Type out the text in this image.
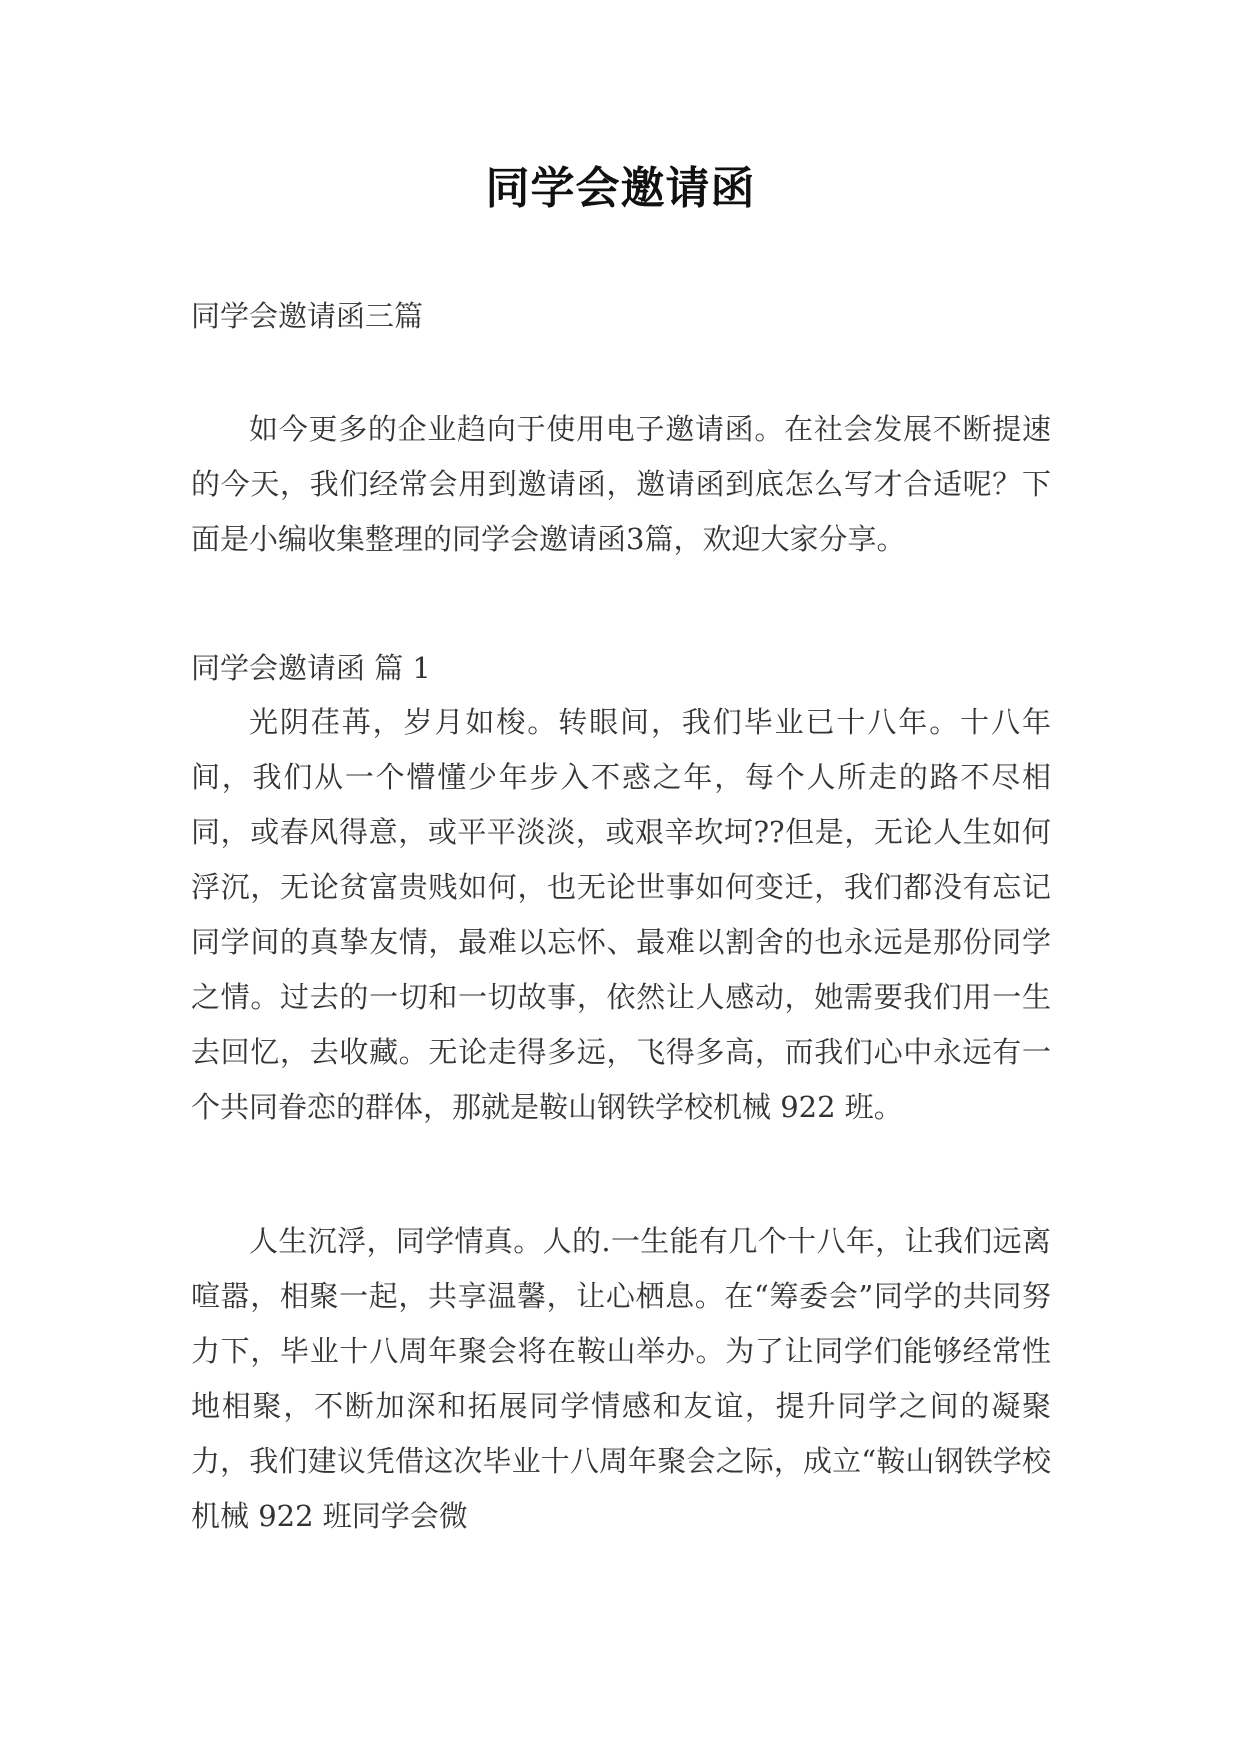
同学会邀请函
同学会邀请函三篇

如今更多的企业趋向于使用电子邀请函。在社会发展不断提速的今天，我们经常会用到邀请函，邀请函到底怎么写才合适呢？下面是小编收集整理的同学会邀请函3篇，欢迎大家分享。

同学会邀请函 篇 1

光阴荏苒，岁月如梭。转眼间，我们毕业已十八年。十八年间，我们从一个懵懂少年步入不惑之年，每个人所走的路不尽相同，或春风得意，或平平淡淡，或艰辛坎坷??但是，无论人生如何浮沉，无论贫富贵贱如何，也无论世事如何变迁，我们都没有忘记同学间的真挚友情，最难以忘怀、最难以割舍的也永远是那份同学之情。过去的一切和一切故事，依然让人感动，她需要我们用一生去回忆，去收藏。无论走得多远，飞得多高，而我们心中永远有一个共同眷恋的群体，那就是鞍山钢铁学校机械 922 班。

人生沉浮，同学情真。人的.一生能有几个十八年，让我们远离喧嚣，相聚一起，共享温馨，让心栖息。在“筹委会”同学的共同努力下，毕业十八周年聚会将在鞍山举办。为了让同学们能够经常性地相聚，不断加深和拓展同学情感和友谊，提升同学之间的凝聚力，我们建议凭借这次毕业十八周年聚会之际，成立“鞍山钢铁学校机械 922 班同学会微
